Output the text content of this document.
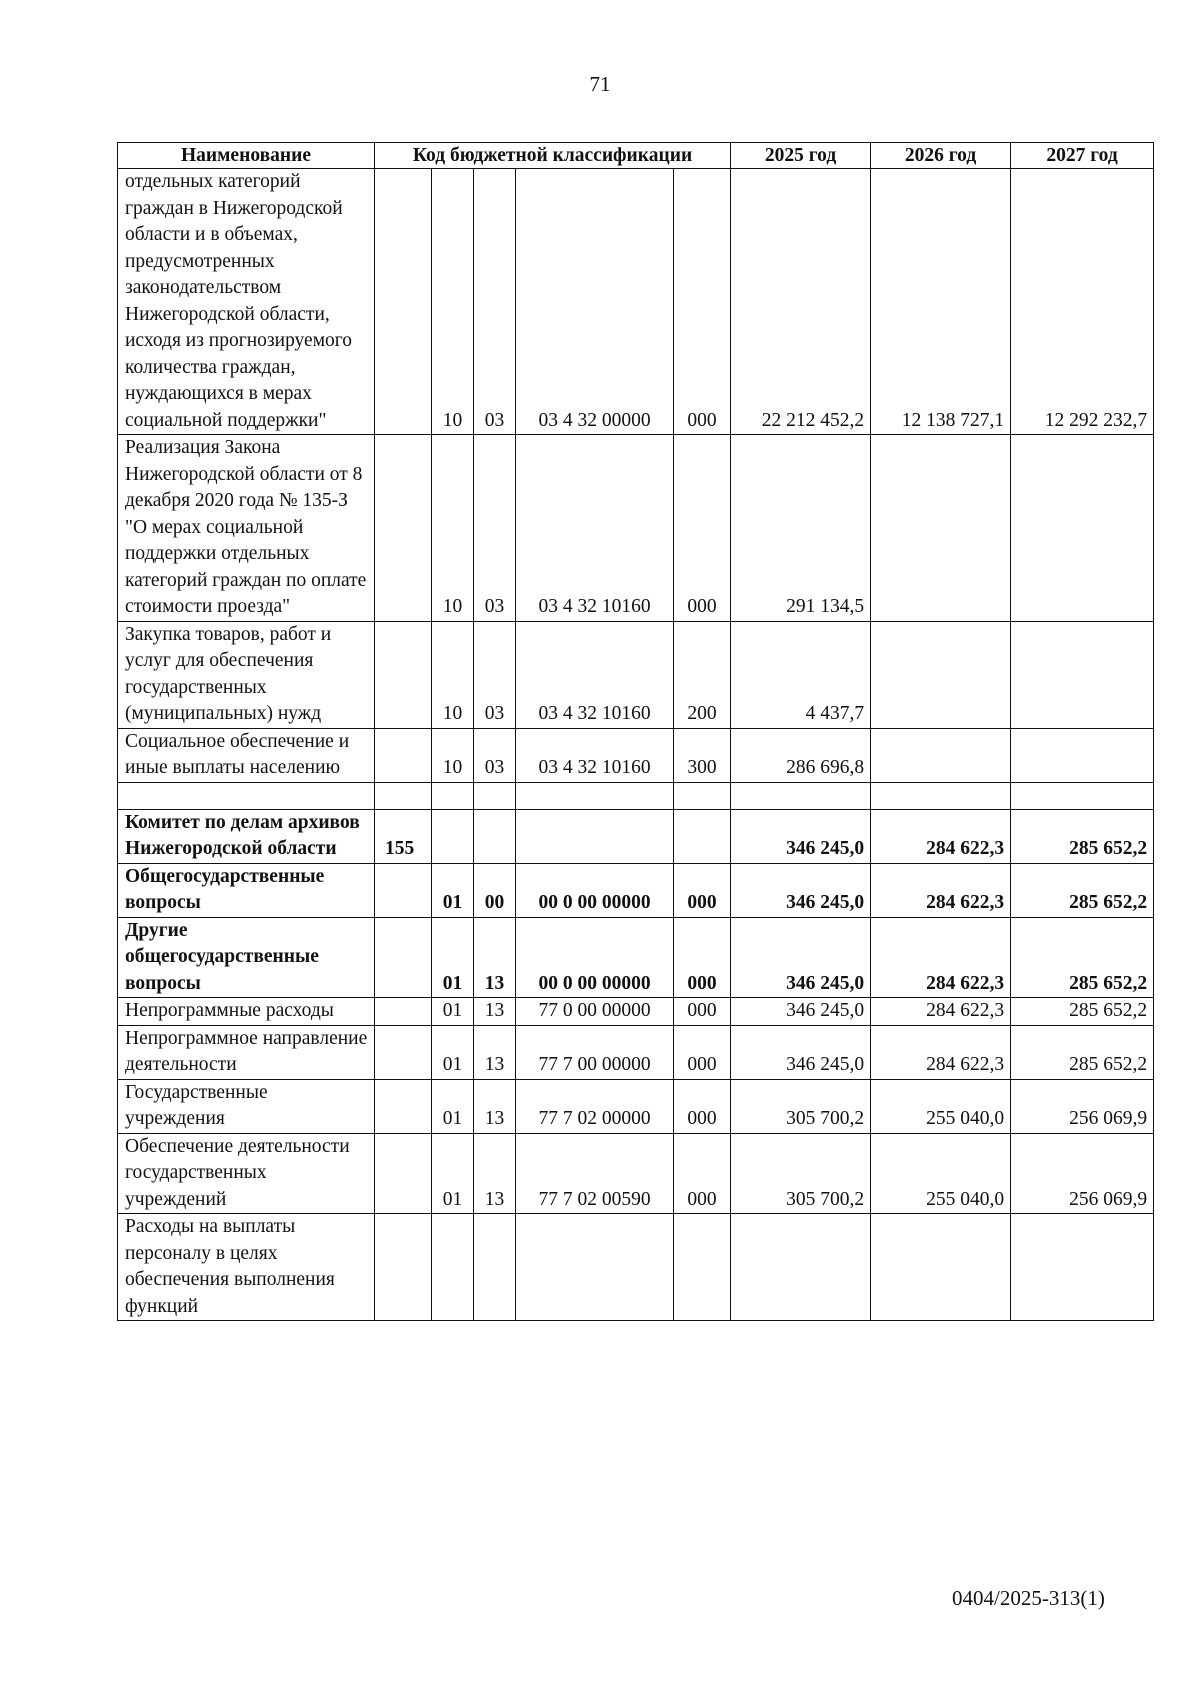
71
Наименование	Код бюджетной классификации					2025 год	2026 год	2027 год
отдельных категорий граждан в Нижегородской области и в объемах, предусмотренных законодательством Нижегородской области, исходя из прогнозируемого количества граждан, нуждающихся в мерах социальной поддержки"		10	03	03 4 32 00000	000	22 212 452,2	12 138 727,1	12 292 232,7
Реализация Закона Нижегородской области от 8 декабря 2020 года № 135-З "О мерах социальной поддержки отдельных категорий граждан по оплате стоимости проезда"		10	03	03 4 32 10160	000	291 134,5		
Закупка товаров, работ и услуг для обеспечения государственных (муниципальных) нужд		10	03	03 4 32 10160	200	4 437,7		
Социальное обеспечение и иные выплаты населению		10	03	03 4 32 10160	300	286 696,8		

Комитет по делам архивов Нижегородской области	155					346 245,0	284 622,3	285 652,2
Общегосударственные вопросы		01	00	00 0 00 00000	000	346 245,0	284 622,3	285 652,2
Другие общегосударственные вопросы		01	13	00 0 00 00000	000	346 245,0	284 622,3	285 652,2
Непрограммные расходы		01	13	77 0 00 00000	000	346 245,0	284 622,3	285 652,2
Непрограммное направление деятельности		01	13	77 7 00 00000	000	346 245,0	284 622,3	285 652,2
Государственные учреждения		01	13	77 7 02 00000	000	305 700,2	255 040,0	256 069,9
Обеспечение деятельности государственных учреждений		01	13	77 7 02 00590	000	305 700,2	255 040,0	256 069,9
Расходы на выплаты персоналу в целях обеспечения выполнения функций								
0404/2025-313(1)
